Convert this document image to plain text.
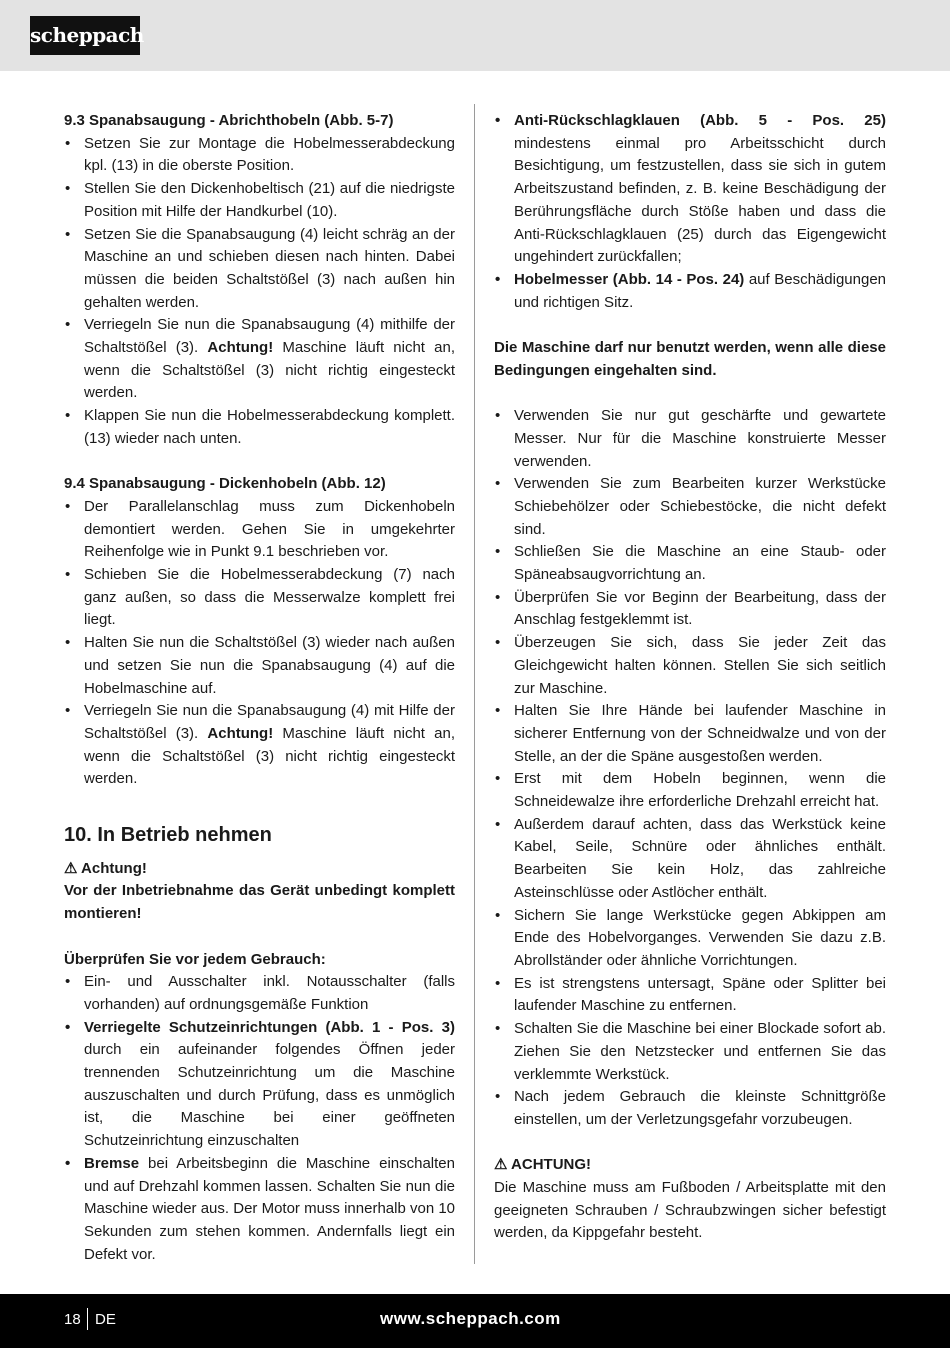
scheppach

9.3 Spanabsaugung - Abrichthobeln (Abb. 5-7)

• Setzen Sie zur Montage die Hobelmesserabdeckung kpl. (13) in die oberste Position.
• Stellen Sie den Dickenhobeltisch (21) auf die niedrigste Position mit Hilfe der Handkurbel (10).
• Setzen Sie die Spanabsaugung (4) leicht schräg an der Maschine an und schieben diesen nach hinten. Dabei müssen die beiden Schaltstößel (3) nach außen hin gehalten werden.
• Verriegeln Sie nun die Spanabsaugung (4) mithilfe der Schaltstößel (3). Achtung! Maschine läuft nicht an, wenn die Schaltstößel (3) nicht richtig eingesteckt werden.
• Klappen Sie nun die Hobelmesserabdeckung komplett. (13) wieder nach unten.

9.4 Spanabsaugung - Dickenhobeln (Abb. 12)

• Der Parallelanschlag muss zum Dickenhobeln demontiert werden. Gehen Sie in umgekehrter Reihenfolge wie in Punkt 9.1 beschrieben vor.
• Schieben Sie die Hobelmesserabdeckung (7) nach ganz außen, so dass die Messerwalze komplett frei liegt.
• Halten Sie nun die Schaltstößel (3) wieder nach außen und setzen Sie nun die Spanabsaugung (4) auf die Hobelmaschine auf.
• Verriegeln Sie nun die Spanabsaugung (4) mit Hilfe der Schaltstößel (3). Achtung! Maschine läuft nicht an, wenn die Schaltstößel (3) nicht richtig eingesteckt werden.

10. In Betrieb nehmen

⚠ Achtung!

Vor der Inbetriebnahme das Gerät unbedingt komplett montieren!

Überprüfen Sie vor jedem Gebrauch:

• Ein- und Ausschalter inkl. Notausschalter (falls vorhanden) auf ordnungsgemäße Funktion
• Verriegelte Schutzeinrichtungen (Abb. 1 - Pos. 3) durch ein aufeinander folgendes Öffnen jeder trennenden Schutzeinrichtung um die Maschine auszuschalten und durch Prüfung, dass es unmöglich ist, die Maschine bei einer geöffneten Schutzeinrichtung einzuschalten
• Bremse bei Arbeitsbeginn die Maschine einschalten und auf Drehzahl kommen lassen. Schalten Sie nun die Maschine wieder aus. Der Motor muss innerhalb von 10 Sekunden zum stehen kommen. Andernfalls liegt ein Defekt vor.
• Anti-Rückschlagklauen (Abb. 5 - Pos. 25) mindestens einmal pro Arbeitsschicht durch Besichtigung, um festzustellen, dass sie sich in gutem Arbeitszustand befinden, z. B. keine Beschädigung der Berührungsfläche durch Stöße haben und dass die Anti-Rückschlagklauen (25) durch das Eigengewicht ungehindert zurückfallen;
• Hobelmesser (Abb. 14 - Pos. 24) auf Beschädigungen und richtigen Sitz.

Die Maschine darf nur benutzt werden, wenn alle diese Bedingungen eingehalten sind.

• Verwenden Sie nur gut geschärfte und gewartete Messer. Nur für die Maschine konstruierte Messer verwenden.
• Verwenden Sie zum Bearbeiten kurzer Werkstücke Schiebehölzer oder Schiebestöcke, die nicht defekt sind.
• Schließen Sie die Maschine an eine Staub- oder Späneabsaugvorrichtung an.
• Überprüfen Sie vor Beginn der Bearbeitung, dass der Anschlag festgeklemmt ist.
• Überzeugen Sie sich, dass Sie jeder Zeit das Gleichgewicht halten können. Stellen Sie sich seitlich zur Maschine.
• Halten Sie Ihre Hände bei laufender Maschine in sicherer Entfernung von der Schneidwalze und von der Stelle, an der die Späne ausgestoßen werden.
• Erst mit dem Hobeln beginnen, wenn die Schneidewalze ihre erforderliche Drehzahl erreicht hat.
• Außerdem darauf achten, dass das Werkstück keine Kabel, Seile, Schnüre oder ähnliches enthält. Bearbeiten Sie kein Holz, das zahlreiche Asteinschlüsse oder Astlöcher enthält.
• Sichern Sie lange Werkstücke gegen Abkippen am Ende des Hobelvorganges. Verwenden Sie dazu z.B. Abrollständer oder ähnliche Vorrichtungen.
• Es ist strengstens untersagt, Späne oder Splitter bei laufender Maschine zu entfernen.
• Schalten Sie die Maschine bei einer Blockade sofort ab. Ziehen Sie den Netzstecker und entfernen Sie das verklemmte Werkstück.
• Nach jedem Gebrauch die kleinste Schnittgröße einstellen, um der Verletzungsgefahr vorzubeugen.

⚠ ACHTUNG!

Die Maschine muss am Fußboden / Arbeitsplatte mit den geeigneten Schrauben / Schraubzwingen sicher befestigt werden, da Kippgefahr besteht.

18 DE	www.scheppach.com
